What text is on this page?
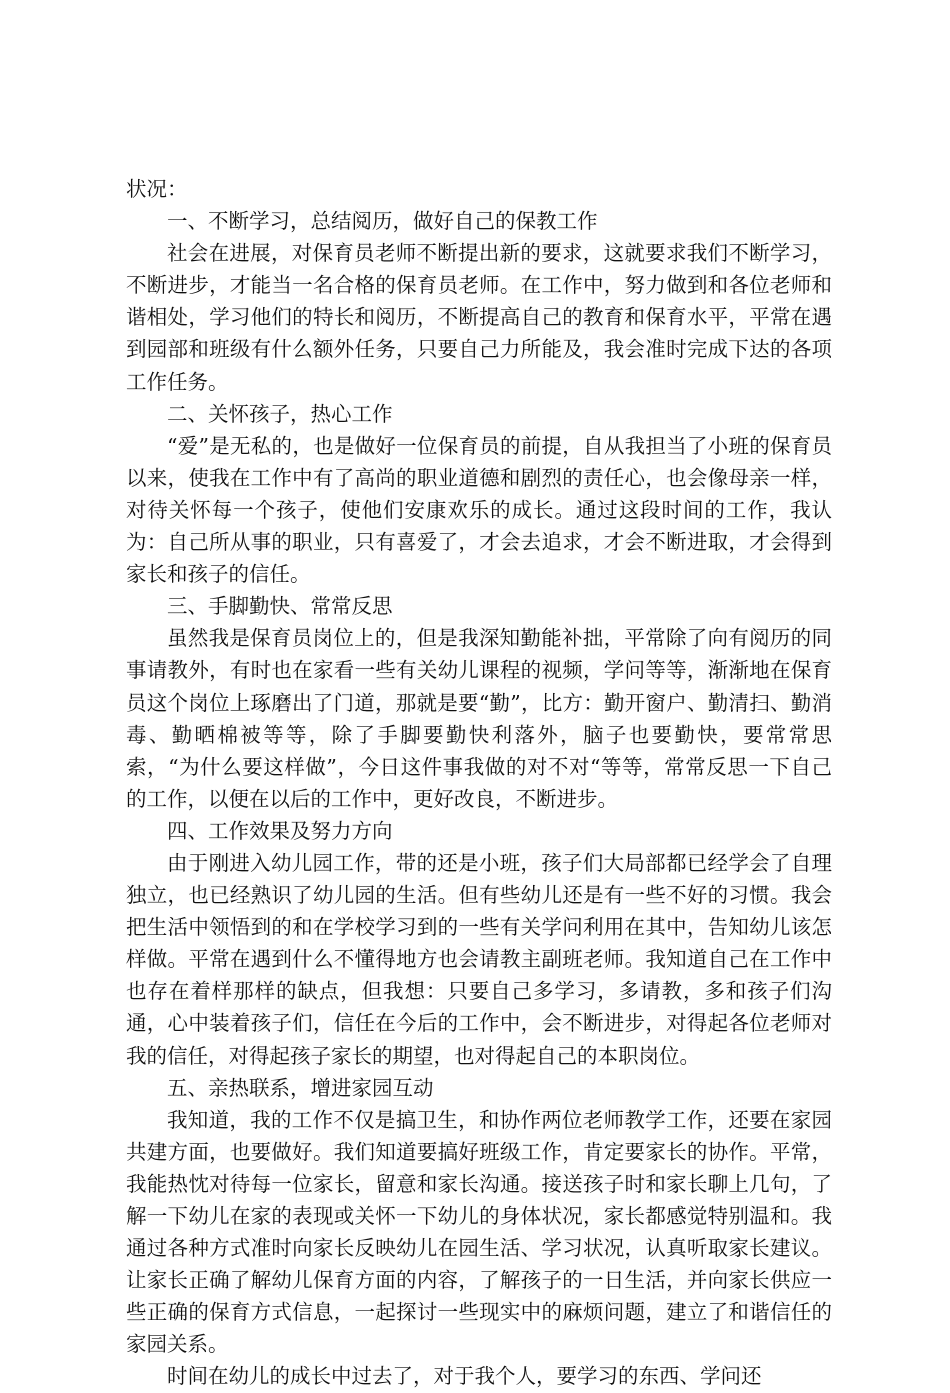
状况：

一、不断学习，总结阅历，做好自己的保教工作

社会在进展，对保育员老师不断提出新的要求，这就要求我们不断学习，不断进步，才能当一名合格的保育员老师。在工作中，努力做到和各位老师和谐相处，学习他们的特长和阅历，不断提高自己的教育和保育水平，平常在遇到园部和班级有什么额外任务，只要自己力所能及，我会准时完成下达的各项工作任务。

二、关怀孩子，热心工作

“爱”是无私的，也是做好一位保育员的前提，自从我担当了小班的保育员以来，使我在工作中有了高尚的职业道德和剧烈的责任心，也会像母亲一样，对待关怀每一个孩子，使他们安康欢乐的成长。通过这段时间的工作，我认为：自己所从事的职业，只有喜爱了，才会去追求，才会不断进取，才会得到家长和孩子的信任。

三、手脚勤快、常常反思

虽然我是保育员岗位上的，但是我深知勤能补拙，平常除了向有阅历的同事请教外，有时也在家看一些有关幼儿课程的视频，学问等等，渐渐地在保育员这个岗位上琢磨出了门道，那就是要“勤”，比方：勤开窗户、勤清扫、勤消毒、勤晒棉被等等，除了手脚要勤快利落外，脑子也要勤快，要常常思索，“为什么要这样做”，今日这件事我做的对不对“等等，常常反思一下自己的工作，以便在以后的工作中，更好改良，不断进步。

四、工作效果及努力方向

由于刚进入幼儿园工作，带的还是小班，孩子们大局部都已经学会了自理独立，也已经熟识了幼儿园的生活。但有些幼儿还是有一些不好的习惯。我会把生活中领悟到的和在学校学习到的一些有关学问利用在其中，告知幼儿该怎样做。平常在遇到什么不懂得地方也会请教主副班老师。我知道自己在工作中也存在着样那样的缺点，但我想：只要自己多学习，多请教，多和孩子们沟通，心中装着孩子们，信任在今后的工作中，会不断进步，对得起各位老师对我的信任，对得起孩子家长的期望，也对得起自己的本职岗位。

五、亲热联系，增进家园互动

我知道，我的工作不仅是搞卫生，和协作两位老师教学工作，还要在家园共建方面，也要做好。我们知道要搞好班级工作，肯定要家长的协作。平常，我能热忱对待每一位家长，留意和家长沟通。接送孩子时和家长聊上几句，了解一下幼儿在家的表现或关怀一下幼儿的身体状况，家长都感觉特别温和。我通过各种方式准时向家长反映幼儿在园生活、学习状况，认真听取家长建议。让家长正确了解幼儿保育方面的内容，了解孩子的一日生活，并向家长供应一些正确的保育方式信息，一起探讨一些现实中的麻烦问题，建立了和谐信任的家园关系。

时间在幼儿的成长中过去了，对于我个人，要学习的东西、学问还
